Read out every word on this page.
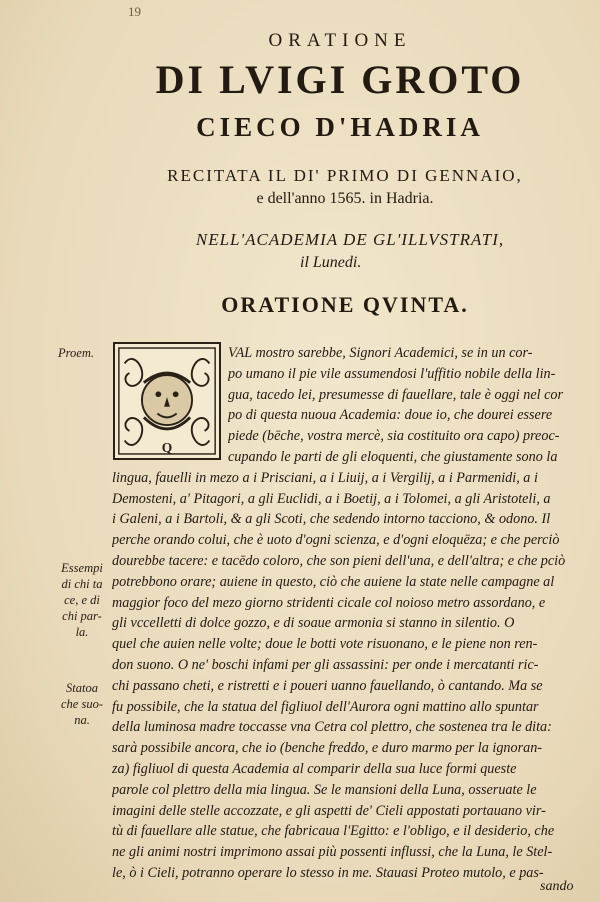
19

ORATIONE

DI LVIGI GROTO

CIECO D'HADRIA

RECITATA IL DI' PRIMO DI GENNAIO,

e dell'anno 1565. in Hadria.

NELL'ACADEMIA DE GL'ILLVSTRATI,

il Lunedi.

ORATIONE QVINTA.

Proem.
Essempi
di chi ta
ce, e di
chi par-
la.
Statoa
che suo-
na.
Q

VAL mostro sarebbe, Signori Academici, se in un cor-

po umano il pie vile assumendosi l'uffitio nobile della lin-

gua, tacedo lei, presumesse di fauellare, tale è oggi nel cor

po di questa nuoua Academia: doue io, che dourei essere

piede (bēche, vostra mercè, sia costituito ora capo) preoc-

cupando le parti de gli eloquenti, che giustamente sono la

lingua, fauelli in mezo a i Prisciani, a i Liuij, a i Vergilij, a i Parmenidi, a i

Demosteni, a' Pitagori, a gli Euclidi, a i Boetij, a i Tolomei, a gli Aristoteli, a

i Galeni, a i Bartoli, & a gli Scoti, che sedendo intorno tacciono, & odono. Il

perche orando colui, che è uoto d'ogni scienza, e d'ogni eloquēza; e che perciò

dourebbe tacere: e tacēdo coloro, che son pieni dell'una, e dell'altra; e che pciò

potrebbono orare; auiene in questo, ciò che auiene la state nelle campagne al

maggior foco del mezo giorno stridenti cicale col noioso metro assordano, e

gli vccelletti di dolce gozzo, e di soaue armonia si stanno in silentio. O

quel che auien nelle volte; doue le botti vote risuonano, e le piene non ren-

don suono. O ne' boschi infami per gli assassini: per onde i mercatanti ric-

chi passano cheti, e ristretti e i poueri uanno fauellando, ò cantando. Ma se

fu possibile, che la statua del figliuol dell'Aurora ogni mattino allo spuntar

della luminosa madre toccasse vna Cetra col plettro, che sostenea tra le dita:

sarà possibile ancora, che io (benche freddo, e duro marmo per la ignoran-

za) figliuol di questa Academia al comparir della sua luce formi queste

parole col plettro della mia lingua. Se le mansioni della Luna, osseruate le

imagini delle stelle accozzate, e gli aspetti de' Cieli appostati portauano vir-

tù di fauellare alle statue, che fabricaua l'Egitto: e l'obligo, e il desiderio, che

ne gli animi nostri imprimono assai più possenti influssi, che la Luna, le Stel-

le, ò i Cieli, potranno operare lo stesso in me. Stauasi Proteo mutolo, e pas-

sando
